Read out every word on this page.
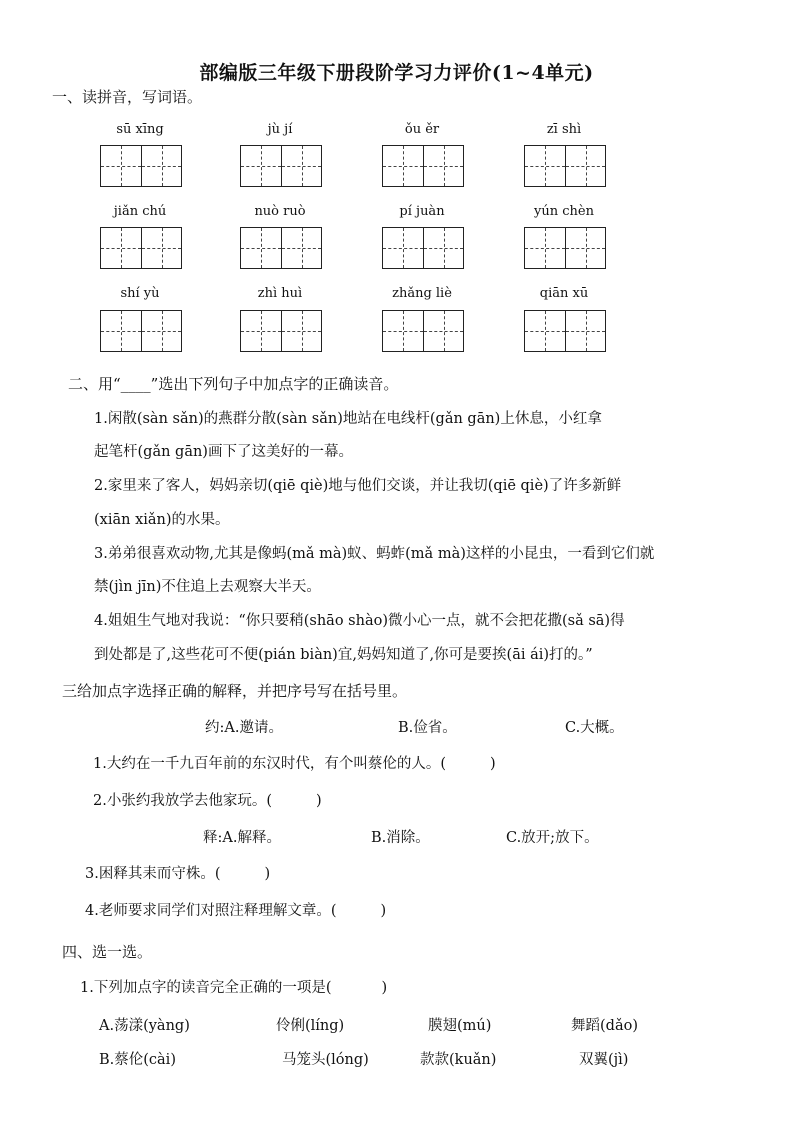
部编版三年级下册段阶学习力评价(1~4单元)
一、读拼音，写词语。
sū xīng	jù jí	ǒu ěr	zī shì
jiǎn chú	nuò ruò	pí juàn	yún chèn
shí yù	zhì huì	zhǎng liè	qiān xū
二、用“____”选出下列句子中加点字的正确读音。
1.闲散(sàn sǎn)的燕群分散(sàn sǎn)地站在电线杆(gǎn gān)上休息，小红拿
起笔杆(gǎn gān)画下了这美好的一幕。
2.家里来了客人，妈妈亲切(qiē qiè)地与他们交谈，并让我切(qiē qiè)了许多新鲜
(xiān xiǎn)的水果。
3.弟弟很喜欢动物,尤其是像蚂(mǎ mà)蚁、蚂蚱(mǎ mà)这样的小昆虫，一看到它们就
禁(jìn jīn)不住追上去观察大半天。
4.姐姐生气地对我说：“你只要稍(shāo shào)微小心一点，就不会把花撒(sǎ sā)得
到处都是了,这些花可不便(pián biàn)宜,妈妈知道了,你可是要挨(āi ái)打的。”
三给加点字选择正确的解释，并把序号写在括号里。
约:A.邀请。	B.俭省。	C.大概。
1.大约在一千九百年前的东汉时代，有个叫蔡伦的人。(	)
2.小张约我放学去他家玩。(	)
释:A.解释。	B.消除。	C.放开;放下。
3.困释其耒而守株。(	)
4.老师要求同学们对照注释理解文章。(	)
四、选一选。
1.下列加点字的读音完全正确的一项是(	)
A.荡漾(yàng)	伶俐(líng)	膜翅(mú)	舞蹈(dǎo)
B.蔡伦(cài)	马笼头(lóng)	款款(kuǎn)	双翼(jì)
